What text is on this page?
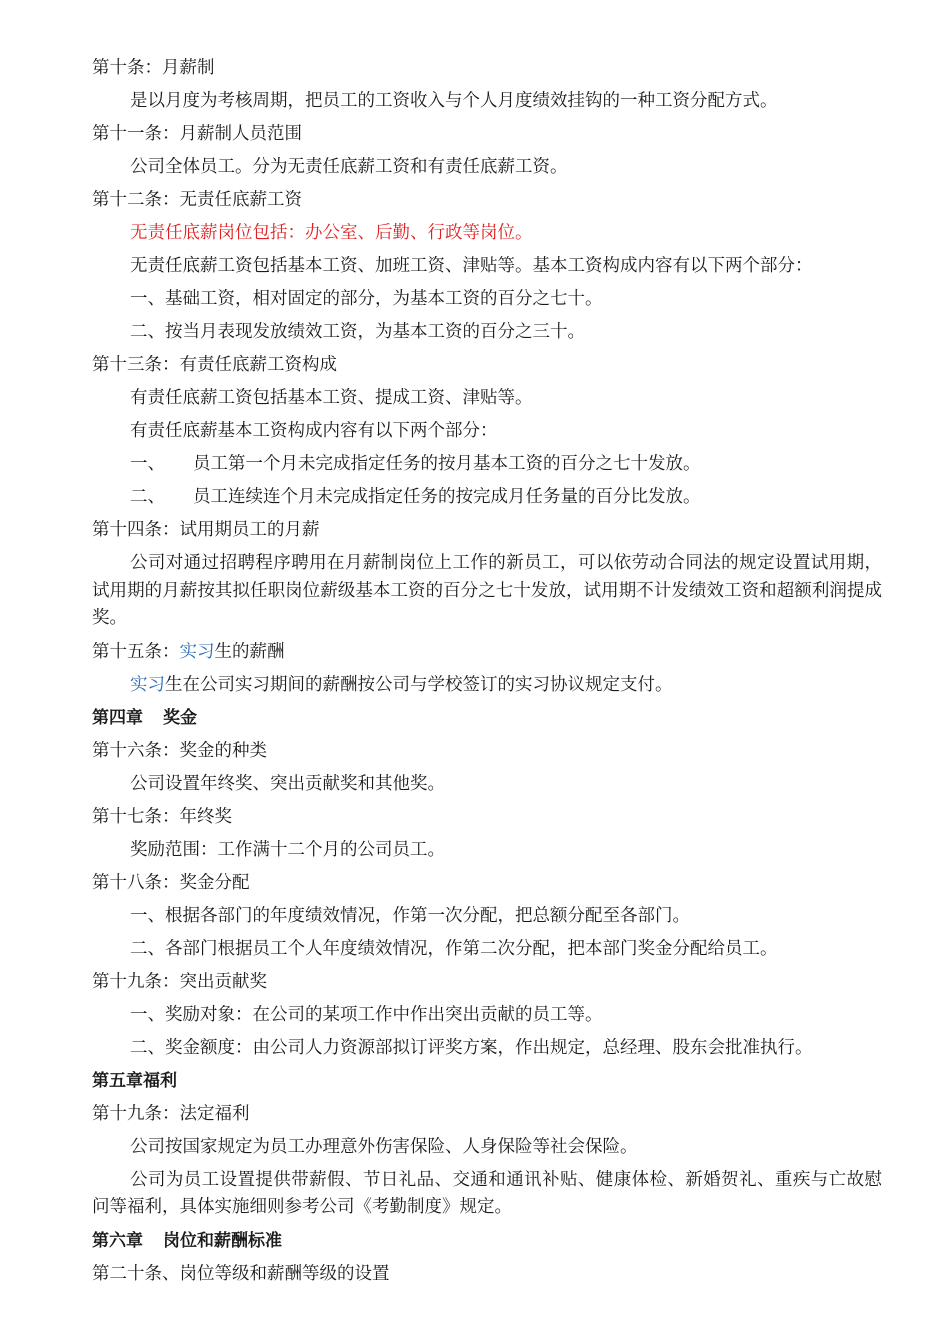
第十条：月薪制
是以月度为考核周期，把员工的工资收入与个人月度绩效挂钩的一种工资分配方式。
第十一条：月薪制人员范围
公司全体员工。分为无责任底薪工资和有责任底薪工资。
第十二条：无责任底薪工资
无责任底薪岗位包括：办公室、后勤、行政等岗位。
无责任底薪工资包括基本工资、加班工资、津贴等。基本工资构成内容有以下两个部分：
一、基础工资，相对固定的部分，为基本工资的百分之七十。
二、按当月表现发放绩效工资，为基本工资的百分之三十。
第十三条：有责任底薪工资构成
有责任底薪工资包括基本工资、提成工资、津贴等。
有责任底薪基本工资构成内容有以下两个部分：
一、 员工第一个月未完成指定任务的按月基本工资的百分之七十发放。
二、 员工连续连个月未完成指定任务的按完成月任务量的百分比发放。
第十四条：试用期员工的月薪
公司对通过招聘程序聘用在月薪制岗位上工作的新员工，可以依劳动合同法的规定设置试用期，试用期的月薪按其拟任职岗位薪级基本工资的百分之七十发放，试用期不计发绩效工资和超额利润提成奖。
第十五条：实习生的薪酬
实习生在公司实习期间的薪酬按公司与学校签订的实习协议规定支付。
第四章 奖金
第十六条：奖金的种类
公司设置年终奖、突出贡献奖和其他奖。
第十七条：年终奖
奖励范围：工作满十二个月的公司员工。
第十八条：奖金分配
一、根据各部门的年度绩效情况，作第一次分配，把总额分配至各部门。
二、各部门根据员工个人年度绩效情况，作第二次分配，把本部门奖金分配给员工。
第十九条：突出贡献奖
一、奖励对象：在公司的某项工作中作出突出贡献的员工等。
二、奖金额度：由公司人力资源部拟订评奖方案，作出规定，总经理、股东会批准执行。
第五章福利
第十九条：法定福利
公司按国家规定为员工办理意外伤害保险、人身保险等社会保险。
公司为员工设置提供带薪假、节日礼品、交通和通讯补贴、健康体检、新婚贺礼、重疾与亡故慰问等福利，具体实施细则参考公司《考勤制度》规定。
第六章 岗位和薪酬标准
第二十条、岗位等级和薪酬等级的设置
